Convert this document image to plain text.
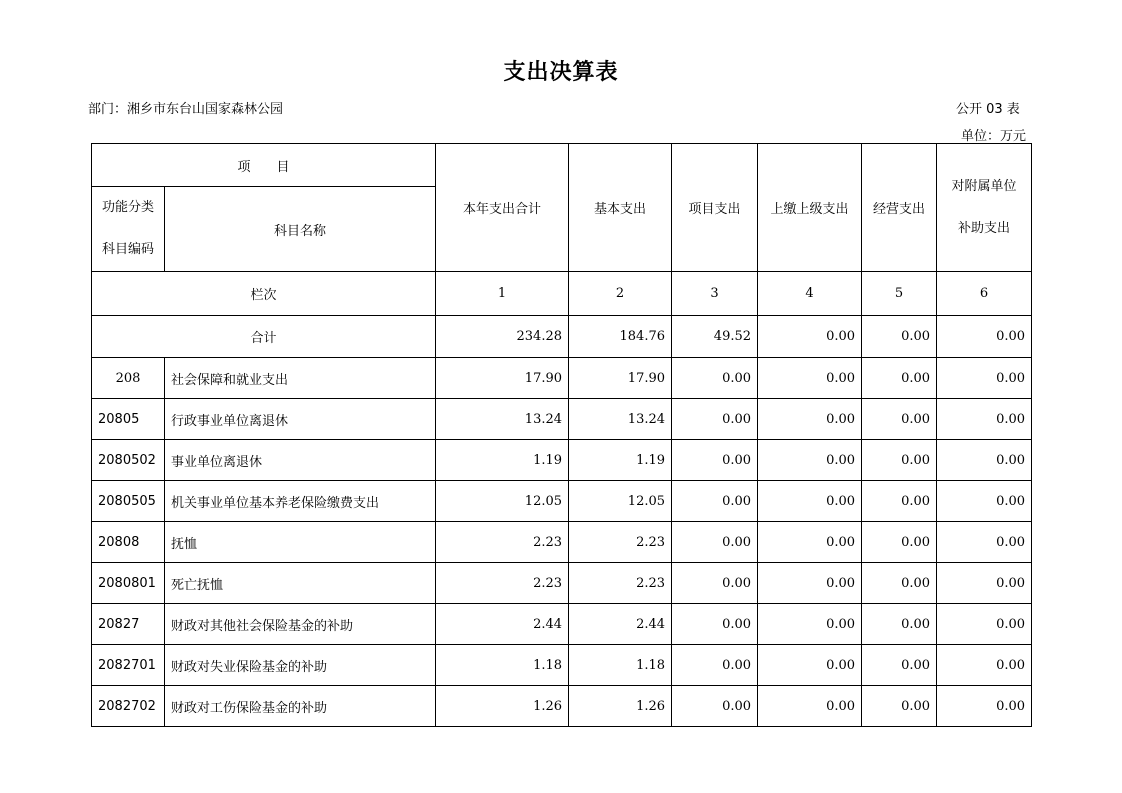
支出决算表
部门：湘乡市东台山国家森林公园	公开 03 表
单位：万元
项　　目		本年支出合计	基本支出	项目支出	上缴上级支出	经营支出	对附属单位
补助支出
功能分类
科目编码	科目名称						
栏次		1	2	3	4	5	6
合计		234.28	184.76	49.52	0.00	0.00	0.00
208	社会保障和就业支出	17.90	17.90	0.00	0.00	0.00	0.00
20805	行政事业单位离退休	13.24	13.24	0.00	0.00	0.00	0.00
2080502	事业单位离退休	1.19	1.19	0.00	0.00	0.00	0.00
2080505	机关事业单位基本养老保险缴费支出	12.05	12.05	0.00	0.00	0.00	0.00
20808	抚恤	2.23	2.23	0.00	0.00	0.00	0.00
2080801	死亡抚恤	2.23	2.23	0.00	0.00	0.00	0.00
20827	财政对其他社会保险基金的补助	2.44	2.44	0.00	0.00	0.00	0.00
2082701	财政对失业保险基金的补助	1.18	1.18	0.00	0.00	0.00	0.00
2082702	财政对工伤保险基金的补助	1.26	1.26	0.00	0.00	0.00	0.00
